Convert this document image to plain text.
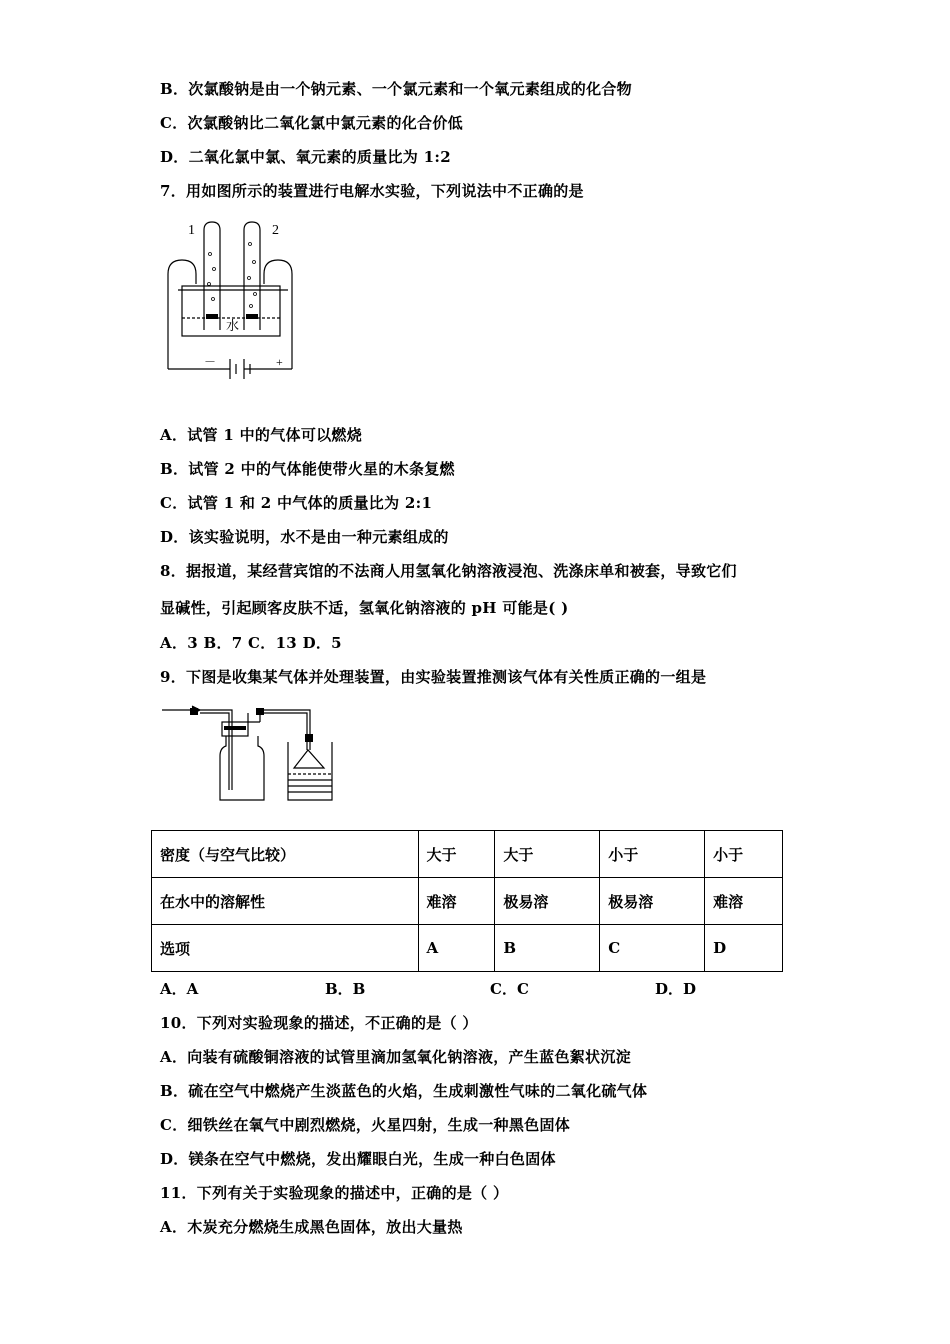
B．次氯酸钠是由一个钠元素、一个氯元素和一个氧元素组成的化合物
C．次氯酸钠比二氧化氯中氯元素的化合价低
D．二氧化氯中氯、氧元素的质量比为 1:2
7．用如图所示的装置进行电解水实验，下列说法中不正确的是
1	2
水
－	+
A．试管 1 中的气体可以燃烧
B．试管 2 中的气体能使带火星的木条复燃
C．试管 1 和 2 中气体的质量比为 2:1
D．该实验说明，水不是由一种元素组成的
8．据报道，某经营宾馆的不法商人用氢氧化钠溶液浸泡、洗涤床单和被套，导致它们
显碱性，引起顾客皮肤不适，氢氧化钠溶液的 pH 可能是( )
A．3 B．7 C．13 D．5
9．下图是收集某气体并处理装置，由实验装置推测该气体有关性质正确的一组是
密度（与空气比较）	大于	大于	小于	小于
在水中的溶解性	难溶	极易溶	极易溶	难溶
选项	A	B	C	D
A．A	B．B	C．C	D．D
10．下列对实验现象的描述，不正确的是（ ）
A．向装有硫酸铜溶液的试管里滴加氢氧化钠溶液，产生蓝色絮状沉淀
B．硫在空气中燃烧产生淡蓝色的火焰，生成刺激性气味的二氧化硫气体
C．细铁丝在氧气中剧烈燃烧，火星四射，生成一种黑色固体
D．镁条在空气中燃烧，发出耀眼白光，生成一种白色固体
11．下列有关于实验现象的描述中，正确的是（ ）
A．木炭充分燃烧生成黑色固体，放出大量热
